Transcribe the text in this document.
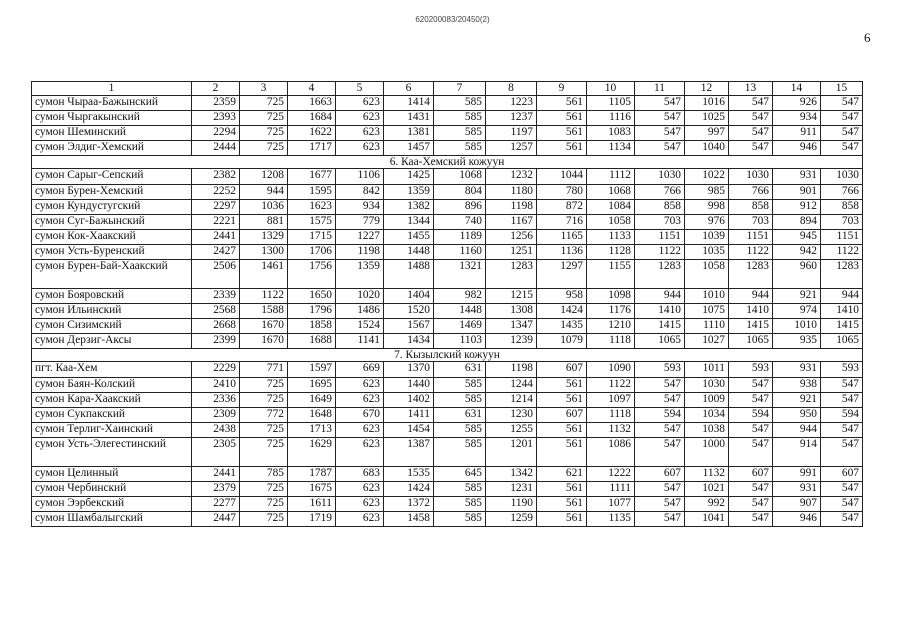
620200083/20450(2)
6
1	2	3	4	5	6	7	8	9	10	11	12	13	14	15
сумон Чыраа-Бажынский	2359	725	1663	623	1414	585	1223	561	1105	547	1016	547	926	547
сумон Чыргакынский	2393	725	1684	623	1431	585	1237	561	1116	547	1025	547	934	547
сумон Шеминский	2294	725	1622	623	1381	585	1197	561	1083	547	997	547	911	547
сумон Элдиг-Хемский	2444	725	1717	623	1457	585	1257	561	1134	547	1040	547	946	547
6. Каа-Хемский кожуун														
сумон Сарыг-Сепский	2382	1208	1677	1106	1425	1068	1232	1044	1112	1030	1022	1030	931	1030
сумон Бурен-Хемский	2252	944	1595	842	1359	804	1180	780	1068	766	985	766	901	766
сумон Кундустугский	2297	1036	1623	934	1382	896	1198	872	1084	858	998	858	912	858
сумон Суг-Бажынский	2221	881	1575	779	1344	740	1167	716	1058	703	976	703	894	703
сумон Кок-Хаакский	2441	1329	1715	1227	1455	1189	1256	1165	1133	1151	1039	1151	945	1151
сумон Усть-Буренский	2427	1300	1706	1198	1448	1160	1251	1136	1128	1122	1035	1122	942	1122
сумон Бурен-Бай-Хаакский	2506	1461	1756	1359	1488	1321	1283	1297	1155	1283	1058	1283	960	1283
сумон Бояровский	2339	1122	1650	1020	1404	982	1215	958	1098	944	1010	944	921	944
сумон Ильинский	2568	1588	1796	1486	1520	1448	1308	1424	1176	1410	1075	1410	974	1410
сумон Сизимский	2668	1670	1858	1524	1567	1469	1347	1435	1210	1415	1110	1415	1010	1415
сумон Дерзиг-Аксы	2399	1670	1688	1141	1434	1103	1239	1079	1118	1065	1027	1065	935	1065
7. Кызылский кожуун														
пгт. Каа-Хем	2229	771	1597	669	1370	631	1198	607	1090	593	1011	593	931	593
сумон Баян-Колский	2410	725	1695	623	1440	585	1244	561	1122	547	1030	547	938	547
сумон Кара-Хаакский	2336	725	1649	623	1402	585	1214	561	1097	547	1009	547	921	547
сумон Сукпакский	2309	772	1648	670	1411	631	1230	607	1118	594	1034	594	950	594
сумон Терлиг-Хаинский	2438	725	1713	623	1454	585	1255	561	1132	547	1038	547	944	547
сумон Усть-Элегестинский	2305	725	1629	623	1387	585	1201	561	1086	547	1000	547	914	547
сумон Целинный	2441	785	1787	683	1535	645	1342	621	1222	607	1132	607	991	607
сумон Чербинский	2379	725	1675	623	1424	585	1231	561	1111	547	1021	547	931	547
сумон Ээрбекский	2277	725	1611	623	1372	585	1190	561	1077	547	992	547	907	547
сумон Шамбалыгский	2447	725	1719	623	1458	585	1259	561	1135	547	1041	547	946	547
